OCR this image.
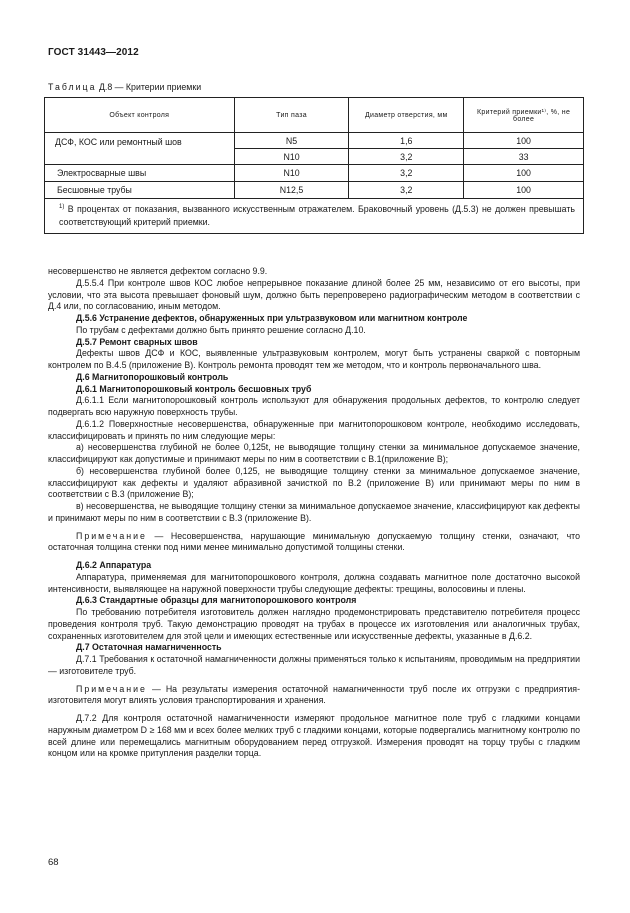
ГОСТ 31443—2012
Таблица Д.8 — Критерии приемки
Объект контроля	Тип паза	Диаметр отверстия, мм	Критерий приемки¹⁾, %, не более
ДСФ, КОС или ремонтный шов	N5	1,6	100
	N10	3,2	33
Электросварные швы	N10	3,2	100
Бесшовные трубы	N12,5	3,2	100
$^{1)}$ В процентах от показания, вызванного искусственным отражателем. Браковочный уровень (Д.5.3) не должен превышать соответствующий критерий приемки.			

несовершенство не является дефектом согласно 9.9.

Д.5.5.4 При контроле швов КОС любое непрерывное показание длиной более 25 мм, независимо от его высоты, при условии, что эта высота превышает фоновый шум, должно быть перепроверено радиографическим методом в соответствии с Д.4 или, по согласованию, иным методом.

Д.5.6 Устранение дефектов, обнаруженных при ультразвуковом или магнитном контроле

По трубам с дефектами должно быть принято решение согласно Д.10.

Д.5.7 Ремонт сварных швов

Дефекты швов ДСФ и КОС, выявленные ультразвуковым контролем, могут быть устранены сваркой с повторным контролем по В.4.5 (приложение В). Контроль ремонта проводят тем же методом, что и контроль первоначального шва.

Д.6 Магнитопорошковый контроль

Д.6.1 Магнитопорошковый контроль бесшовных труб

Д.6.1.1 Если магнитопорошковый контроль используют для обнаружения продольных дефектов, то контролю следует подвергать всю наружную поверхность трубы.

Д.6.1.2 Поверхностные несовершенства, обнаруженные при магнитопорошковом контроле, необходимо исследовать, классифицировать и принять по ним следующие меры:

а) несовершенства глубиной не более 0,125t, не выводящие толщину стенки за минимальное допускаемое значение, классифицируют как допустимые и принимают меры по ним в соответствии с В.1(приложение В);

б) несовершенства глубиной более 0,125, не выводящие толщину стенки за минимальное допускаемое значение, классифицируют как дефекты и удаляют абразивной зачисткой по В.2 (приложение В) или принимают меры по ним в соответствии с В.3 (приложение В);

в) несовершенства, не выводящие толщину стенки за минимальное допускаемое значение, классифицируют как дефекты и принимают меры по ним в соответствии с В.3 (приложение В).

Примечание — Несовершенства, нарушающие минимальную допускаемую толщину стенки, означают, что остаточная толщина стенки под ними менее минимально допустимой толщины стенки.

Д.6.2 Аппаратура

Аппаратура, применяемая для магнитопорошкового контроля, должна создавать магнитное поле достаточно высокой интенсивности, выявляющее на наружной поверхности трубы следующие дефекты: трещины, волосовины и плены.

Д.6.3 Стандартные образцы для магнитопорошкового контроля

По требованию потребителя изготовитель должен наглядно продемонстрировать представителю потребителя процесс проведения контроля труб. Такую демонстрацию проводят на трубах в процессе их изготовления или аналогичных трубах, сохраненных изготовителем для этой цели и имеющих естественные или искусственные дефекты, указанные в Д.6.2.

Д.7 Остаточная намагниченность

Д.7.1 Требования к остаточной намагниченности должны применяться только к испытаниям, проводимым на предприятии — изготовителе труб.

Примечание — На результаты измерения остаточной намагниченности труб после их отгрузки с предприятия-изготовителя могут влиять условия транспортирования и хранения.

Д.7.2 Для контроля остаточной намагниченности измеряют продольное магнитное поле труб с гладкими концами наружным диаметром D ≥ 168 мм и всех более мелких труб с гладкими концами, которые подвергались магнитному контролю по всей длине или перемещались магнитным оборудованием перед отгрузкой. Измерения проводят на торцу трубы с гладким концом или на кромке притупления разделки торца.

68
